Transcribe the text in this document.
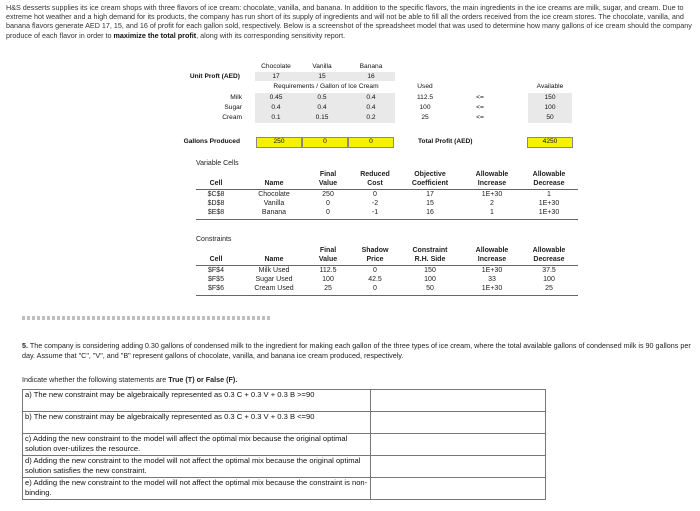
H&S desserts supplies its ice cream shops with three flavors of ice cream: chocolate, vanilla, and banana. In addition to the specific flavors, the main ingredients in the ice creams are milk, sugar, and cream. Due to extreme hot weather and a high demand for its products, the company has run short of its supply of ingredients and will not be able to fill all the orders received from the ice cream stores. The chocolate, vanilla, and banana flavors generate AED 17, 15, and 16 of profit for each gallon sold, respectively. Below is a screenshot of the spreadsheet model that was used to determine how many gallons of ice cream should the company produce of each flavor in order to maximize the total profit, along with its corresponding sensitivity report.
Chocolate	Vanilla	Banana
Unit Proft (AED)	17	15	16
Requirements / Gallon of Ice Cream	Used	Available
Milk	0.45	0.5	0.4	112.5	<=	150
Sugar	0.4	0.4	0.4	100	<=	100
Cream	0.1	0.15	0.2	25	<=	50
Gallons Produced	250	0	0	Total Profit (AED)	4250
Variable Cells
Final	Reduced	Objective	Allowable	Allowable
Cell	Name	Value	Cost	Coefficient	Increase	Decrease
$C$8	Chocolate	250	0	17	1E+30	1
$D$8	Vanilla	0	-2	15	2	1E+30
$E$8	Banana	0	-1	16	1	1E+30
Constraints
Final	Shadow	Constraint	Allowable	Allowable
Cell	Name	Value	Price	R.H. Side	Increase	Decrease
$F$4	Milk Used	112.5	0	150	1E+30	37.5
$F$5	Sugar Used	100	42.5	100	33	100
$F$6	Cream Used	25	0	50	1E+30	25
5. The company is considering adding 0.30 gallons of condensed milk to the ingredient for making each gallon of the three types of ice cream, where the total available gallons of condensed milk is 90 gallons per day. Assume that "C", "V", and "B" represent gallons of chocolate, vanilla, and banana ice cream produced, respectively.
Indicate whether the following statements are True (T) or False (F).
a) The new constraint may be algebraically represented as 0.3 C + 0.3 V + 0.3 B >=90	
b) The new constraint may be algebraically represented as 0.3 C + 0.3 V + 0.3 B <=90	
c) Adding the new constraint to the model will affect the optimal mix because the original optimal solution over-utilizes the resource.	
d) Adding the new constraint to the model will not affect the optimal mix because the original optimal solution satisfies the new constraint.	
e) Adding the new constraint to the model will not affect the optimal mix because the constraint is non-binding.	
